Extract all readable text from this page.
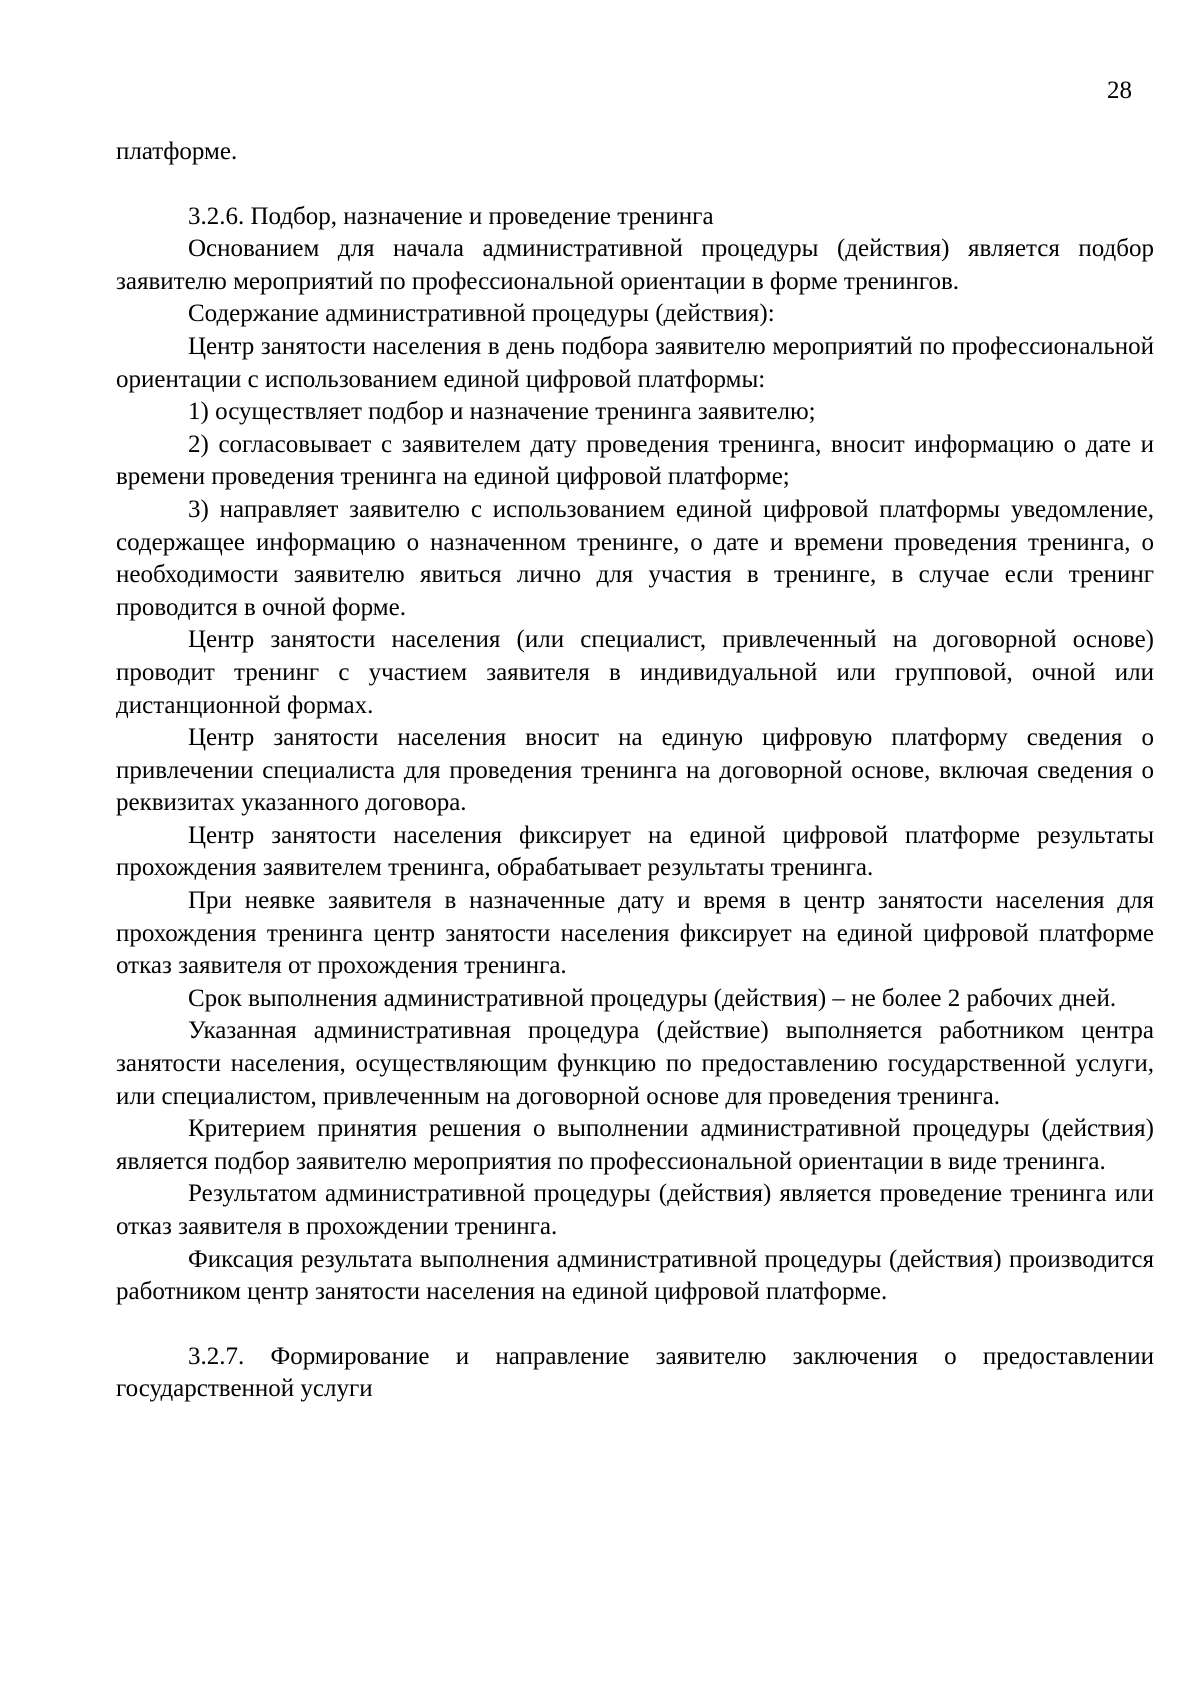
28

платформе.

3.2.6. Подбор, назначение и проведение тренинга

Основанием для начала административной процедуры (действия) является подбор заявителю мероприятий по профессиональной ориентации в форме тренингов.

Содержание административной процедуры (действия):

Центр занятости населения в день подбора заявителю мероприятий по профессиональной ориентации с использованием единой цифровой платформы:

1) осуществляет подбор и назначение тренинга заявителю;

2) согласовывает с заявителем дату проведения тренинга, вносит информацию о дате и времени проведения тренинга на единой цифровой платформе;

3) направляет заявителю с использованием единой цифровой платформы уведомление, содержащее информацию о назначенном тренинге, о дате и времени проведения тренинга, о необходимости заявителю явиться лично для участия в тренинге, в случае если тренинг проводится в очной форме.

Центр занятости населения (или специалист, привлеченный на договорной основе) проводит тренинг с участием заявителя в индивидуальной или групповой, очной или дистанционной формах.

Центр занятости населения вносит на единую цифровую платформу сведения о привлечении специалиста для проведения тренинга на договорной основе, включая сведения о реквизитах указанного договора.

Центр занятости населения фиксирует на единой цифровой платформе результаты прохождения заявителем тренинга, обрабатывает результаты тренинга.

При неявке заявителя в назначенные дату и время в центр занятости населения для прохождения тренинга центр занятости населения фиксирует на единой цифровой платформе отказ заявителя от прохождения тренинга.

Срок выполнения административной процедуры (действия) – не более 2 рабочих дней.

Указанная административная процедура (действие) выполняется работником центра занятости населения, осуществляющим функцию по предоставлению государственной услуги, или специалистом, привлеченным на договорной основе для проведения тренинга.

Критерием принятия решения о выполнении административной процедуры (действия) является подбор заявителю мероприятия по профессиональной ориентации в виде тренинга.

Результатом административной процедуры (действия) является проведение тренинга или отказ заявителя в прохождении тренинга.

Фиксация результата выполнения административной процедуры (действия) производится работником центр занятости населения на единой цифровой платформе.

3.2.7. Формирование и направление заявителю заключения о предоставлении государственной услуги
